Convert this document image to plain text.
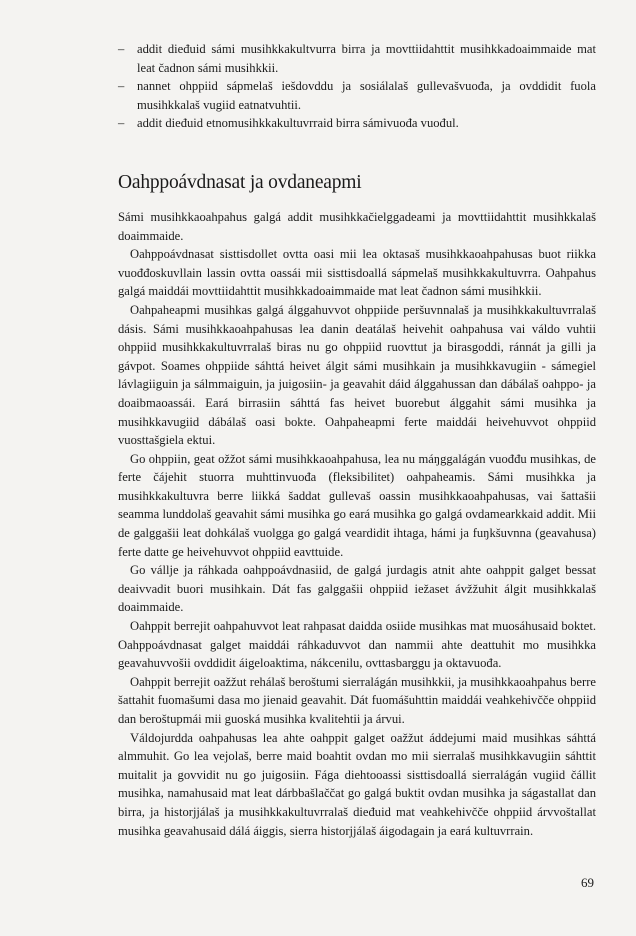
– addit dieđuid sámi musihkkakultvurra birra ja movttiidahttit musihkkadoaimmaide mat leat čadnon sámi musihkkii.
– nannet ohppiid sápmelaš iešdovddu ja sosiálalaš gullevašvuođa, ja ovddidit fuola musihkkalaš vugiid eatnatvuhtii.
– addit dieđuid etnomusihkkakultuvrraid birra sámivuođa vuođul.
Oahppoávdnasat ja ovdaneapmi

Sámi musihkkaoahpahus galgá addit musihkkačielggadeami ja movttiidahttit musihkkalaš doaimmaide.

Oahppoávdnasat sisttisdollet ovtta oasi mii lea oktasaš musihkkaoahpahusas buot riikka vuođđoskuvllain lassin ovtta oassái mii sisttisdoallá sápmelaš musihkkakultuvrra. Oahpahus galgá maiddái movttiidahttit musihkkadoaimmaide mat leat čadnon sámi musihkkii.

Oahpaheapmi musihkas galgá álggahuvvot ohppiide peršuvnnalaš ja musihkkakultuvrralaš dásis. Sámi musihkkaoahpahusas lea danin deatálaš heivehit oahpahusa vai váldo vuhtii ohppiid musihkkakultuvrralaš biras nu go ohppiid ruovttut ja birasgoddi, ránnát ja gilli ja gávpot. Soames ohppiide sáhttá heivet álgit sámi musihkain ja musihkkavugiin - sámegiel lávlagiiguin ja sálmmaiguin, ja juigosiin- ja geavahit dáid álggahussan dan dábálaš oahppo- ja doaibmaoassái. Eará birrasiin sáhttá fas heivet buorebut álggahit sámi musihka ja musihkkavugiid dábálaš oasi bokte. Oahpaheapmi ferte maiddái heivehuvvot ohppiid vuosttašgiela ektui.

Go ohppiin, geat ožžot sámi musihkkaoahpahusa, lea nu máŋggalágán vuođđu musihkas, de ferte čájehit stuorra muhttinvuođa (fleksibilitet) oahpaheamis. Sámi musihkka ja musihkkakultuvra berre liikká šaddat gullevaš oassin musihkkaoahpahusas, vai šattašii seamma lunddolaš geavahit sámi musihka go eará musihka go galgá ovdamearkkaid addit. Mii de galggašii leat dohkálaš vuolgga go galgá veardidit ihtaga, hámi ja fuŋkšuvnna (geavahusa) ferte datte ge heivehuvvot ohppiid eavttuide.

Go vállje ja ráhkada oahppoávdnasiid, de galgá jurdagis atnit ahte oahppit galget bessat deaivvadit buori musihkain. Dát fas galggašii ohppiid iežaset ávžžuhit álgit musihkkalaš doaimmaide.

Oahppit berrejit oahpahuvvot leat rahpasat daidda osiide musihkas mat muosáhusaid boktet. Oahppoávdnasat galget maiddái ráhkaduvvot dan nammii ahte deattuhit mo musihkka geavahuvvošii ovddidit áigeloaktima, nákcenilu, ovttasbarggu ja oktavuođa.

Oahppit berrejit oažžut rehálaš beroštumi sierralágán musihkkii, ja musihkkaoahpahus berre šattahit fuomašumi dasa mo jienaid geavahit. Dát fuomášuhttin maiddái veahkehivčče ohppiid dan beroštupmái mii guoská musihka kvalitehtii ja árvui.

Váldojurdda oahpahusas lea ahte oahppit galget oažžut áddejumi maid musihkas sáhttá almmuhit. Go lea vejolaš, berre maid boahtit ovdan mo mii sierralaš musihkkavugiin sáhttit muitalit ja govvidit nu go juigosiin. Fága diehtooassi sisttisdoallá sierralágán vugiid čállit musihka, namahusaid mat leat dárbbašlaččat go galgá buktit ovdan musihka ja ságastallat dan birra, ja historjjálaš ja musihkkakultuvrralaš dieđuid mat veahkehivčče ohppiid árvvoštallat musihka geavahusaid dálá áiggis, sierra historjjálaš áigodagain ja eará kultuvrrain.

69
